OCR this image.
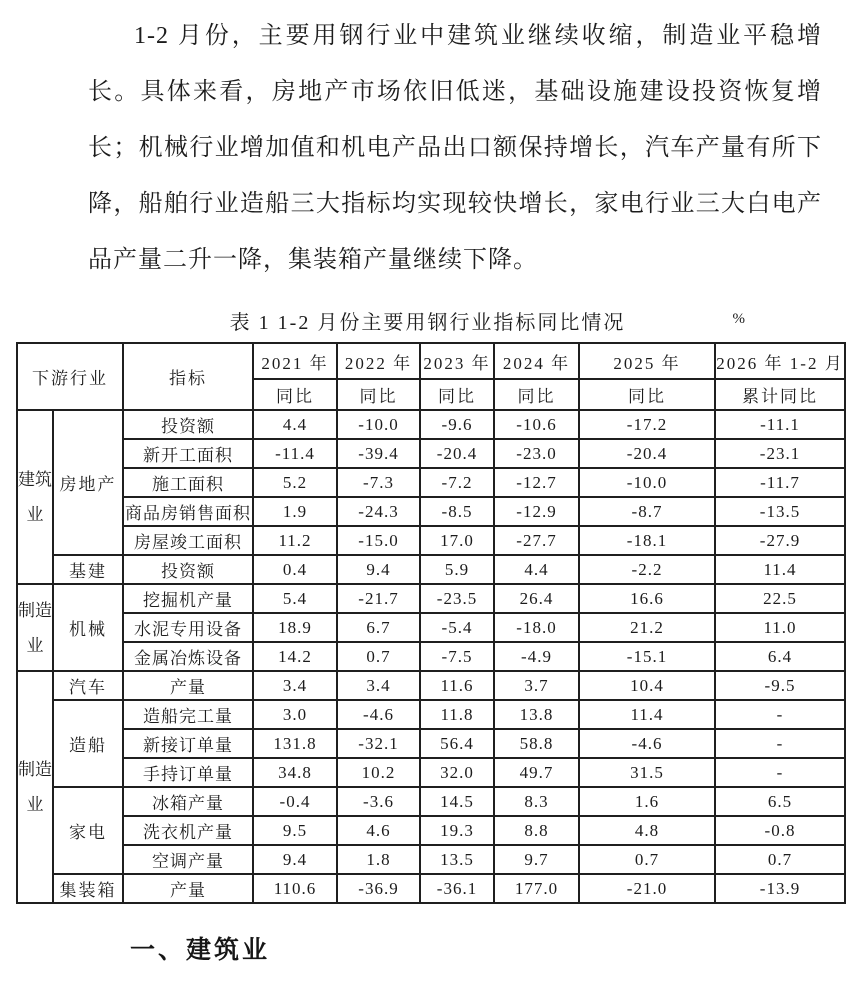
1-2 月份，主要用钢行业中建筑业继续收缩，制造业平稳增长。具体来看，房地产市场依旧低迷，基础设施建设投资恢复增长；机械行业增加值和机电产品出口额保持增长，汽车产量有所下降，船舶行业造船三大指标均实现较快增长，家电行业三大白电产品产量二升一降，集装箱产量继续下降。

表 1 1-2 月份主要用钢行业指标同比情况	%
下游行业		指标	2021 年	2022 年	2023 年	2024 年	2025 年	2026 年 1-2 月
			同比	同比	同比	同比	同比	累计同比
建筑业	房地产	投资额	4.4	-10.0	-9.6	-10.6	-17.2	-11.1
		新开工面积	-11.4	-39.4	-20.4	-23.0	-20.4	-23.1
		施工面积	5.2	-7.3	-7.2	-12.7	-10.0	-11.7
		商品房销售面积	1.9	-24.3	-8.5	-12.9	-8.7	-13.5
		房屋竣工面积	11.2	-15.0	17.0	-27.7	-18.1	-27.9
	基建	投资额	0.4	9.4	5.9	4.4	-2.2	11.4
制造业	机械	挖掘机产量	5.4	-21.7	-23.5	26.4	16.6	22.5
		水泥专用设备	18.9	6.7	-5.4	-18.0	21.2	11.0
		金属冶炼设备	14.2	0.7	-7.5	-4.9	-15.1	6.4
制造业	汽车	产量	3.4	3.4	11.6	3.7	10.4	-9.5
	造船	造船完工量	3.0	-4.6	11.8	13.8	11.4	-
		新接订单量	131.8	-32.1	56.4	58.8	-4.6	-
		手持订单量	34.8	10.2	32.0	49.7	31.5	-
	家电	冰箱产量	-0.4	-3.6	14.5	8.3	1.6	6.5
		洗衣机产量	9.5	4.6	19.3	8.8	4.8	-0.8
		空调产量	9.4	1.8	13.5	9.7	0.7	0.7
	集装箱	产量	110.6	-36.9	-36.1	177.0	-21.0	-13.9
一、建筑业
